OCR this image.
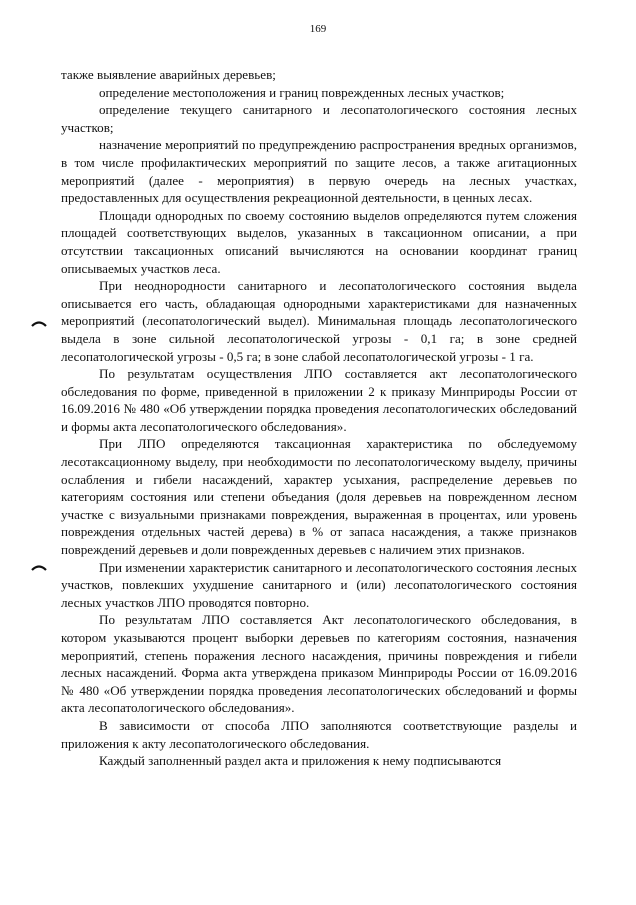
169

также выявление аварийных деревьев;

определение местоположения и границ поврежденных лесных участков;

определение текущего санитарного и лесопатологического состояния лесных участков;

назначение мероприятий по предупреждению распространения вредных организмов, в том числе профилактических мероприятий по защите лесов, а также агитационных мероприятий (далее - мероприятия) в первую очередь на лесных участках, предоставленных для осуществления рекреационной деятельности, в ценных лесах.

Площади однородных по своему состоянию выделов определяются путем сложения площадей соответствующих выделов, указанных в таксационном описании, а при отсутствии таксационных описаний вычисляются на основании координат границ описываемых участков леса.

При неоднородности санитарного и лесопатологического состояния выдела описывается его часть, обладающая однородными характеристиками для назначенных мероприятий (лесопатологический выдел). Минимальная площадь лесопатологического выдела в зоне сильной лесопатологической угрозы - 0,1 га; в зоне средней лесопатологической угрозы - 0,5 га; в зоне слабой лесопатологической угрозы - 1 га.

По результатам осуществления ЛПО составляется акт лесопатологического обследования по форме, приведенной в приложении 2 к приказу Минприроды России от 16.09.2016 № 480 «Об утверждении порядка проведения лесопатологических обследований и формы акта лесопатологического обследования».

При ЛПО определяются таксационная характеристика по обследуемому лесотаксационному выделу, при необходимости по лесопатологическому выделу, причины ослабления и гибели насаждений, характер усыхания, распределение деревьев по категориям состояния или степени объедания (доля деревьев на поврежденном лесном участке с визуальными признаками повреждения, выраженная в процентах, или уровень повреждения отдельных частей дерева) в % от запаса насаждения, а также признаков повреждений деревьев и доли поврежденных деревьев с наличием этих признаков.

При изменении характеристик санитарного и лесопатологического состояния лесных участков, повлекших ухудшение санитарного и (или) лесопатологического состояния лесных участков ЛПО проводятся повторно.

По результатам ЛПО составляется Акт лесопатологического обследования, в котором указываются процент выборки деревьев по категориям состояния, назначения мероприятий, степень поражения лесного насаждения, причины повреждения и гибели лесных насаждений. Форма акта утверждена приказом Минприроды России от 16.09.2016 № 480 «Об утверждении порядка проведения лесопатологических обследований и формы акта лесопатологического обследования».

В зависимости от способа ЛПО заполняются соответствующие разделы и приложения к акту лесопатологического обследования.

Каждый заполненный раздел акта и приложения к нему подписываются
